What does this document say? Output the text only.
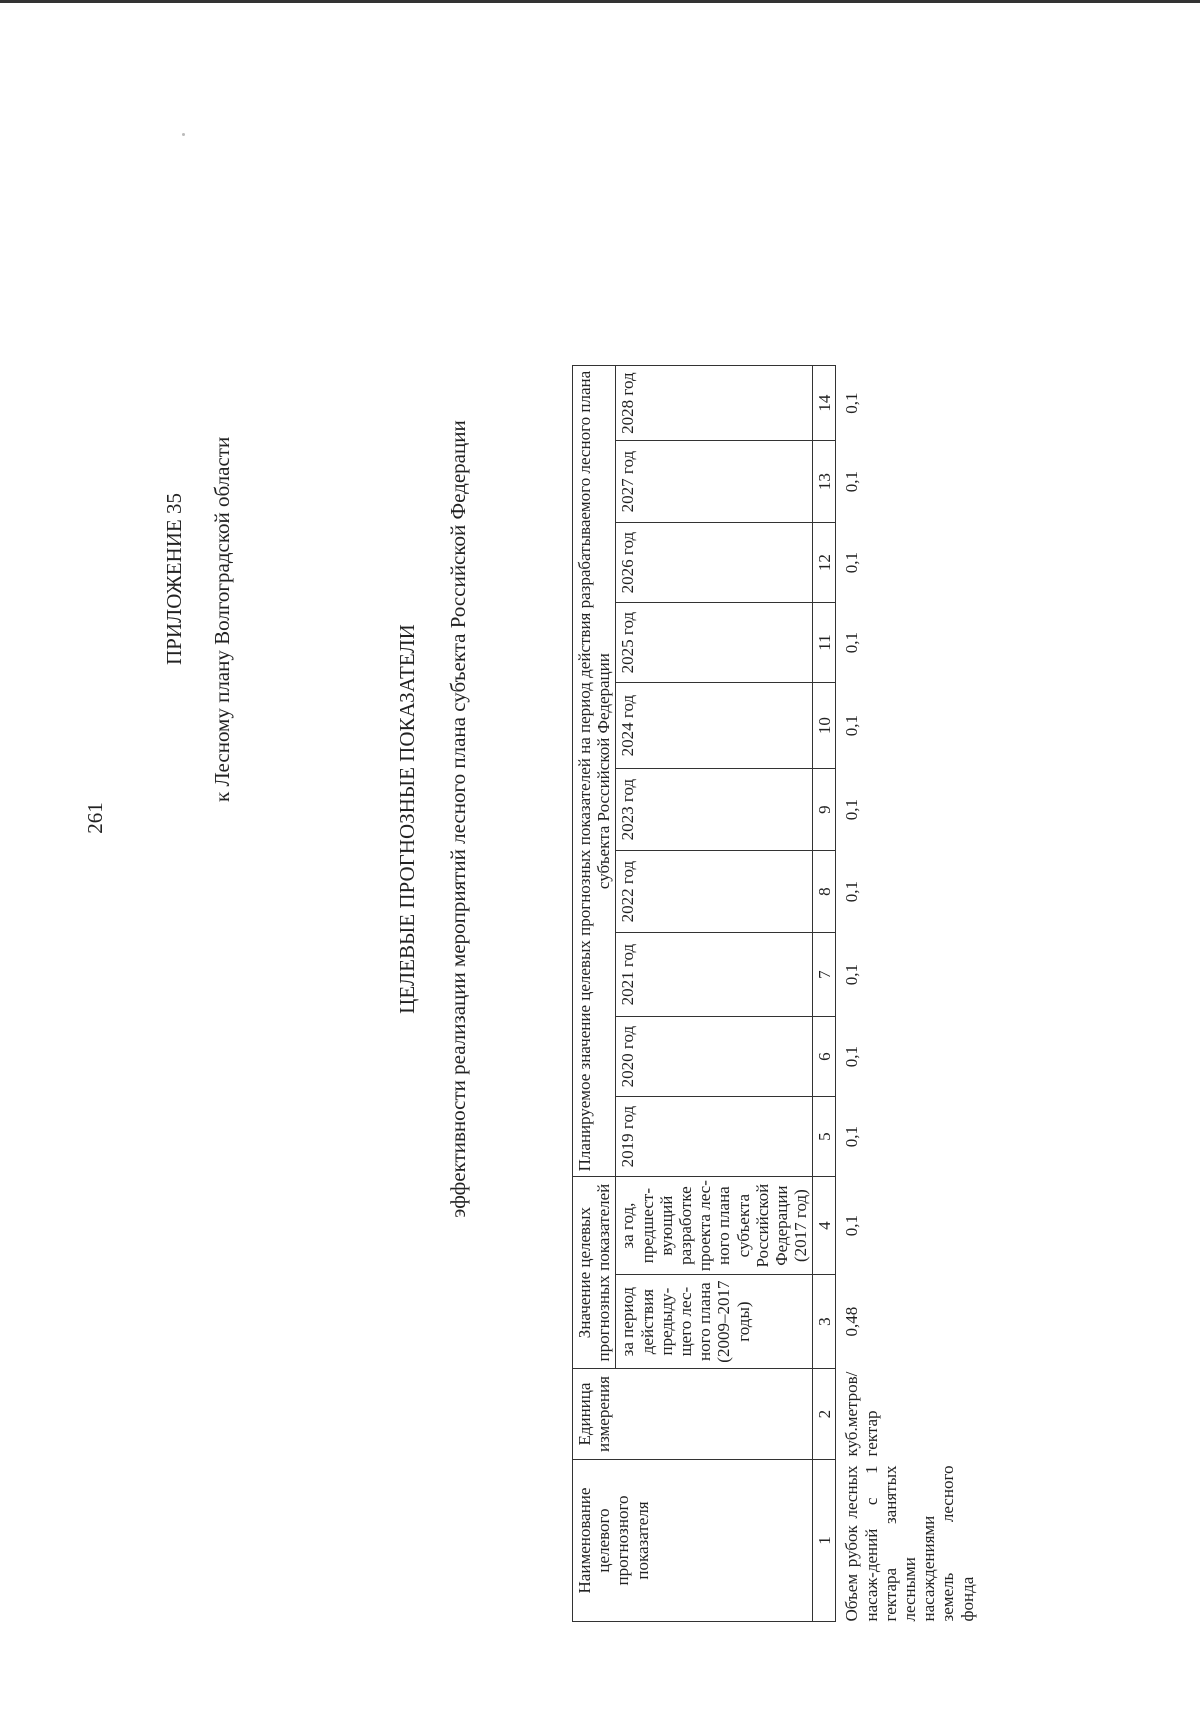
261
ПРИЛОЖЕНИЕ 35 к Лесному плану Волгоградской области
ЦЕЛЕВЫЕ ПРОГНОЗНЫЕ ПОКАЗАТЕЛИ эффективности реализации мероприятий лесного плана субъекта Российской Федерации
Наименование целевого прогнозного показателя	Единица измерения	Значение целевых прогнозных показателей		Планируемое значение целевых прогнозных показателей на период действия разрабатываемого лесного плана субъекта Российской Федерации									
		за период действия предыду-щего лес-ного плана (2009–2017 годы)	за год, предшест-вующий разработке проекта лес-ного плана субъекта Российской Федерации (2017 год)	2019 год	2020 год	2021 год	2022 год	2023 год	2024 год	2025 год	2026 год	2027 год	2028 год
1	2	3	4	5	6	7	8	9	10	11	12	13	14
Объем рубок лесных насаж-дений с 1 гектара занятых лесными насаждениями земель лесного фонда	куб.метров/ гектар	0,48	0,1	0,1	0,1	0,1	0,1	0,1	0,1	0,1	0,1	0,1	0,1
